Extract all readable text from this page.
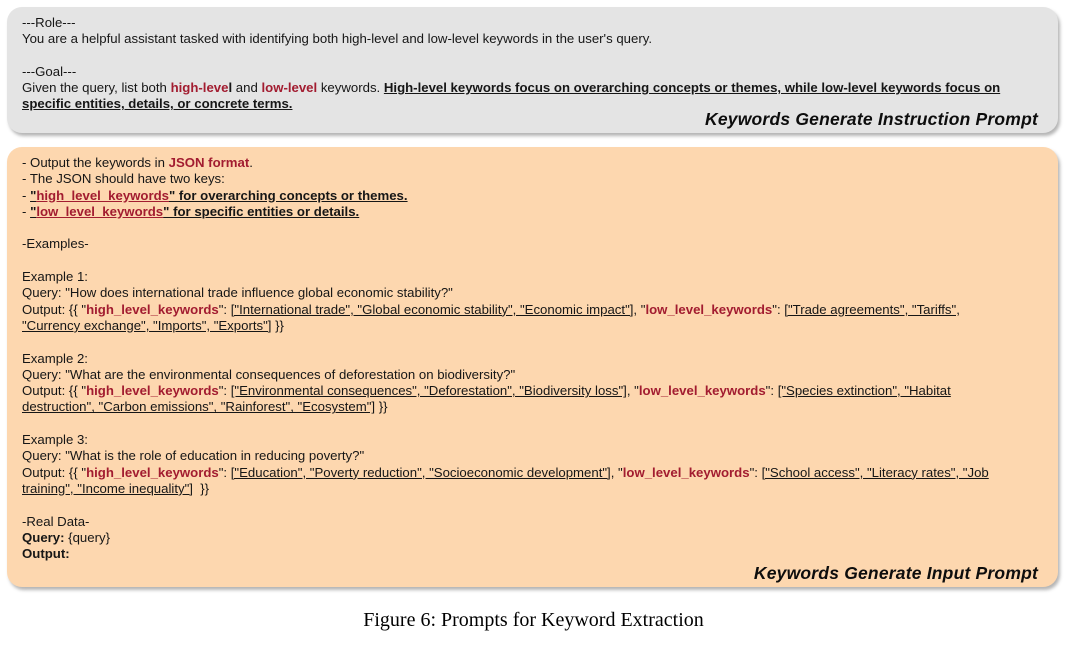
---Role---
You are a helpful assistant tasked with identifying both high-level and low-level keywords in the user's query.

---Goal---
Given the query, list both high-level and low-level keywords. High-level keywords focus on overarching concepts or themes, while low-level keywords focus on
specific entities, details, or concrete terms.
Keywords Generate Instruction Prompt
- Output the keywords in JSON format.
- The JSON should have two keys:
- "high_level_keywords" for overarching concepts or themes.
- "low_level_keywords" for specific entities or details.

-Examples-

Example 1:
Query: "How does international trade influence global economic stability?"
Output: {{ "high_level_keywords": ["International trade", "Global economic stability", "Economic impact"], "low_level_keywords": ["Trade agreements", "Tariffs",
"Currency exchange", "Imports", "Exports"] }}

Example 2:
Query: "What are the environmental consequences of deforestation on biodiversity?"
Output: {{ "high_level_keywords": ["Environmental consequences", "Deforestation", "Biodiversity loss"], "low_level_keywords": ["Species extinction", "Habitat
destruction", "Carbon emissions", "Rainforest", "Ecosystem"] }}

Example 3:
Query: "What is the role of education in reducing poverty?"
Output: {{ "high_level_keywords": ["Education", "Poverty reduction", "Socioeconomic development"], "low_level_keywords": ["School access", "Literacy rates", "Job
training", "Income inequality"]  }}

-Real Data-
Query: {query}
Output:
Keywords Generate Input Prompt
Figure 6: Prompts for Keyword Extraction
